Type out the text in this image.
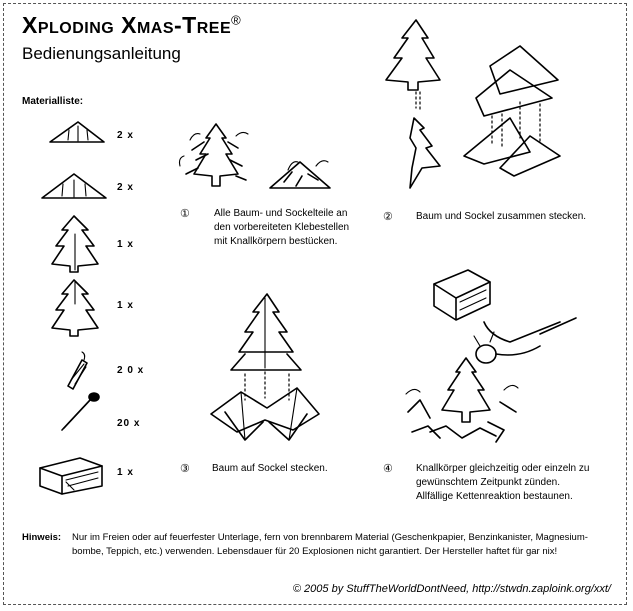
Xploding Xmas-Tree®
Bedienungsanleitung
Materialliste:
2 x
2 x
1 x
1 x
2 0 x
20 x
1 x
① Alle Baum- und Sockelteile an den vorbereiteten Klebestellen mit Knallkörpern bestücken.
② Baum und Sockel zusammen stecken.
③ Baum auf Sockel stecken.	④ Knallkörper gleichzeitig oder einzeln zu gewünschtem Zeitpunkt zünden. Allfällige Kettenreaktion bestaunen.
Hinweis: Nur im Freien oder auf feuerfester Unterlage, fern von brennbarem Material (Geschenkpapier, Benzinkanister, Magnesium-bombe, Teppich, etc.) verwenden. Lebensdauer für 20 Explosionen nicht garantiert. Der Hersteller haftet für gar nix!
© 2005 by StuffTheWorldDontNeed, http://stwdn.zaploink.org/xxt/
